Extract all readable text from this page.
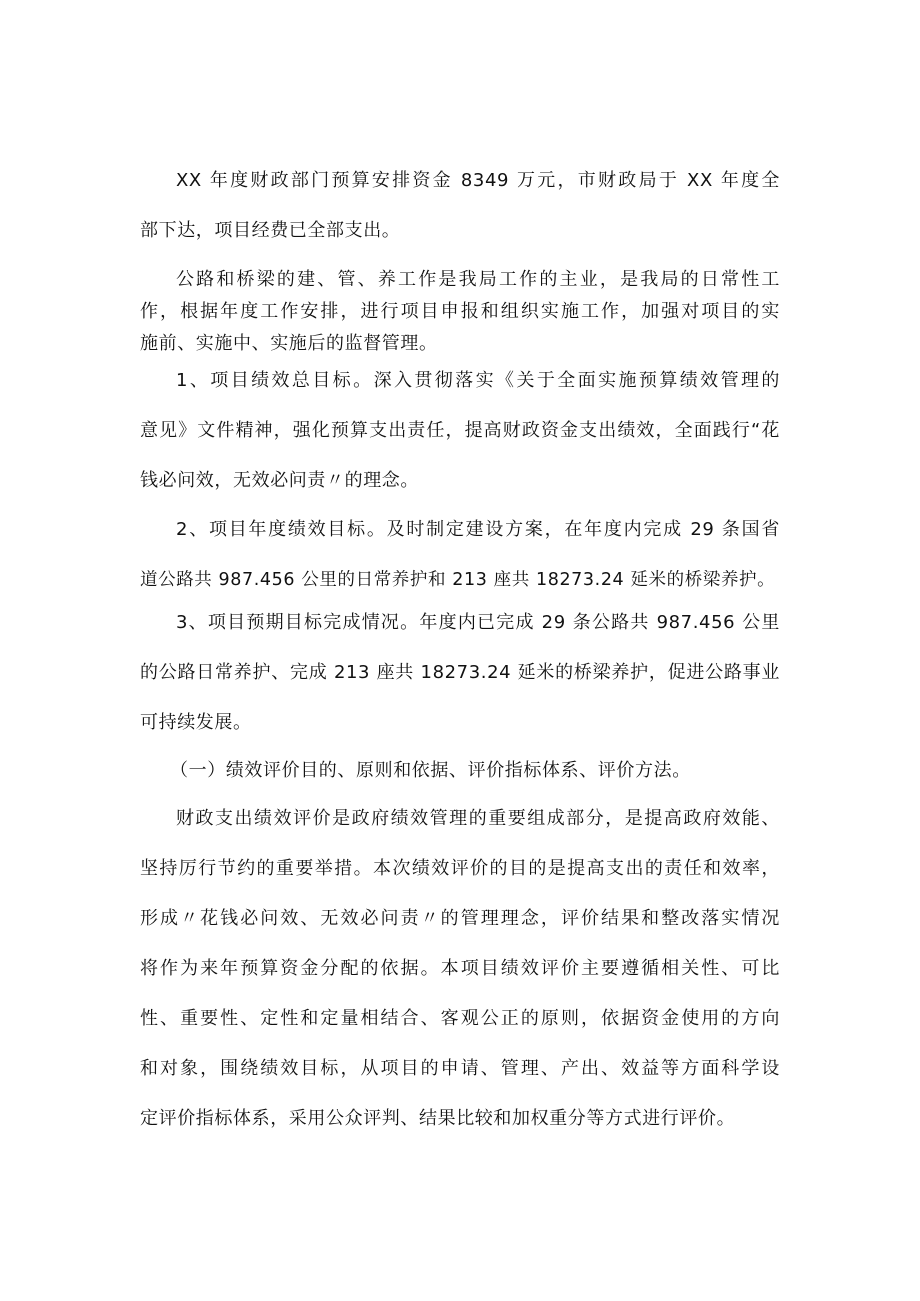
XX 年度财政部门预算安排资金 8349 万元，市财政局于 XX 年度全
部下达，项目经费已全部支出。
公路和桥梁的建、管、养工作是我局工作的主业，是我局的日常性工
作，根据年度工作安排，进行项目申报和组织实施工作，加强对项目的实
施前、实施中、实施后的监督管理。
1、项目绩效总目标。深入贯彻落实《关于全面实施预算绩效管理的
意见》文件精神，强化预算支出责任，提高财政资金支出绩效，全面践行“花
钱必问效，无效必问责〃的理念。
2、项目年度绩效目标。及时制定建设方案，在年度内完成 29 条国省
道公路共 987.456 公里的日常养护和 213 座共 18273.24 延米的桥梁养护。
3、项目预期目标完成情况。年度内已完成 29 条公路共 987.456 公里
的公路日常养护、完成 213 座共 18273.24 延米的桥梁养护，促进公路事业
可持续发展。
（一）绩效评价目的、原则和依据、评价指标体系、评价方法。
财政支出绩效评价是政府绩效管理的重要组成部分，是提高政府效能、
坚持厉行节约的重要举措。本次绩效评价的目的是提高支出的责任和效率，
形成〃花钱必问效、无效必问责〃的管理理念，评价结果和整改落实情况
将作为来年预算资金分配的依据。本项目绩效评价主要遵循相关性、可比
性、重要性、定性和定量相结合、客观公正的原则，依据资金使用的方向
和对象，围绕绩效目标，从项目的申请、管理、产出、效益等方面科学设
定评价指标体系，采用公众评判、结果比较和加权重分等方式进行评价。
